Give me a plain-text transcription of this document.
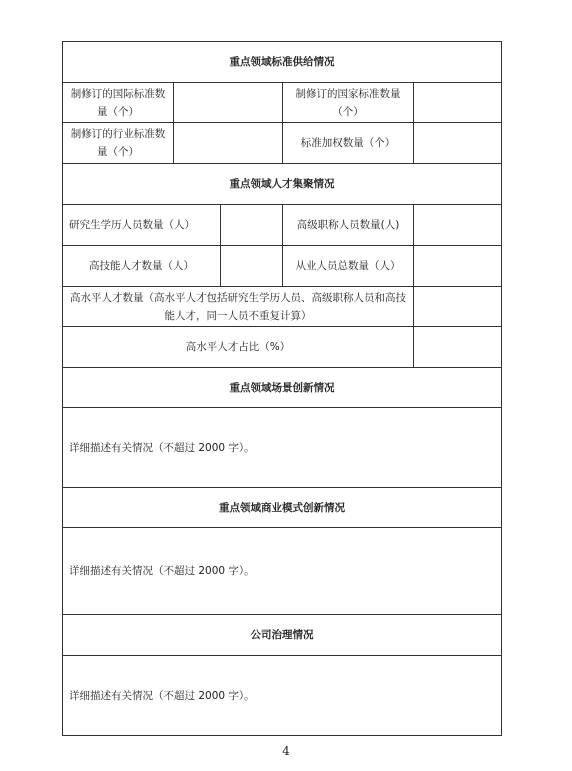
重点领域标准供给情况				
制修订的国际标准数量（个）			制修订的国家标准数量（个）	
制修订的行业标准数量（个）			标准加权数量（个）	
重点领域人才集聚情况				
研究生学历人员数量（人）			高级职称人员数量(人)	
高技能人才数量（人）			从业人员总数量（人）	
高水平人才数量（高水平人才包括研究生学历人员、高级职称人员和高技能人才，同一人员不重复计算）				
高水平人才占比（%）				
重点领域场景创新情况				
详细描述有关情况（不超过 2000 字）。				
重点领域商业模式创新情况				
详细描述有关情况（不超过 2000 字）。				
公司治理情况				
详细描述有关情况（不超过 2000 字）。				
4
